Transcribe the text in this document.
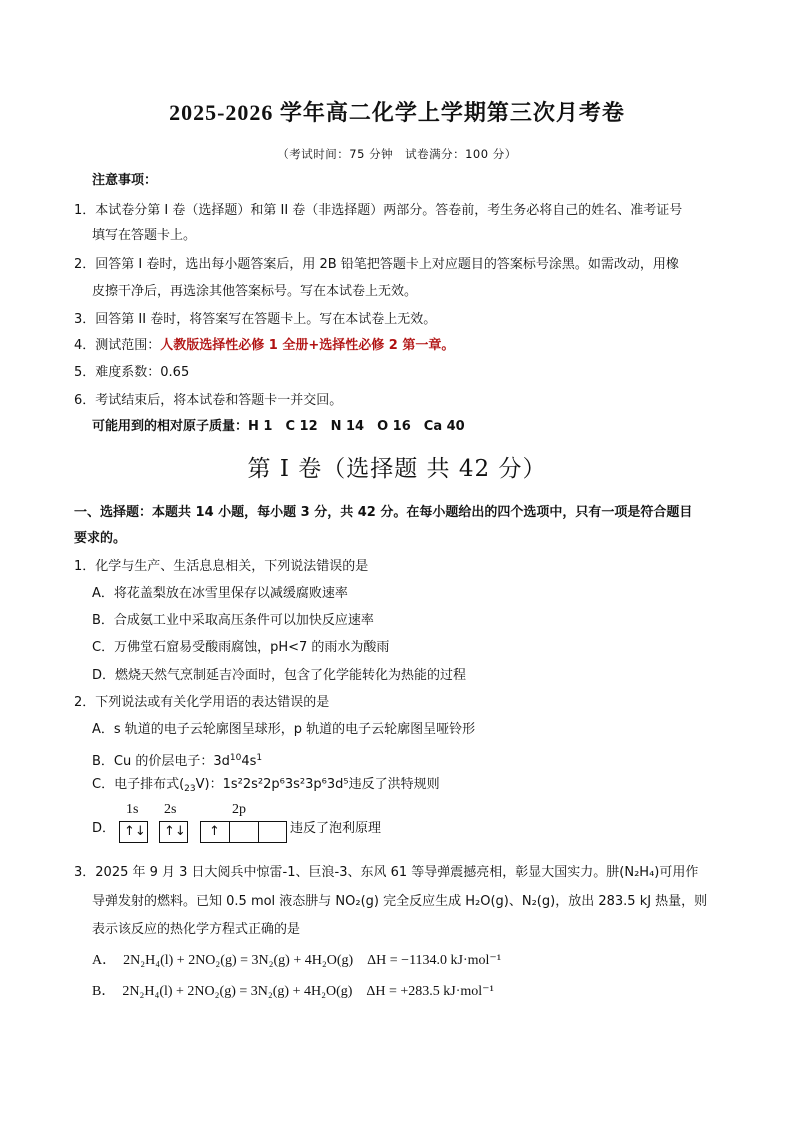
2025-2026 学年高二化学上学期第三次月考卷
（考试时间：75 分钟　试卷满分：100 分）
注意事项：
1．本试卷分第 I 卷（选择题）和第 II 卷（非选择题）两部分。答卷前，考生务必将自己的姓名、准考证号
填写在答题卡上。
2．回答第 I 卷时，选出每小题答案后，用 2B 铅笔把答题卡上对应题目的答案标号涂黑。如需改动，用橡
皮擦干净后，再选涂其他答案标号。写在本试卷上无效。
3．回答第 II 卷时，将答案写在答题卡上。写在本试卷上无效。
4．测试范围：人教版选择性必修 1 全册+选择性必修 2 第一章。
5．难度系数：0.65
6．考试结束后，将本试卷和答题卡一并交回。
可能用到的相对原子质量：H 1　C 12　N 14　O 16　Ca 40
第 I 卷（选择题 共 42 分）
一、选择题：本题共 14 小题，每小题 3 分，共 42 分。在每小题给出的四个选项中，只有一项是符合题目
要求的。
1．化学与生产、生活息息相关，下列说法错误的是
A．将花盖梨放在冰雪里保存以减缓腐败速率
B．合成氨工业中采取高压条件可以加快反应速率
C．万佛堂石窟易受酸雨腐蚀，pH<7 的雨水为酸雨
D．燃烧天然气烹制延吉冷面时，包含了化学能转化为热能的过程
2．下列说法或有关化学用语的表达错误的是
A．s 轨道的电子云轮廓图呈球形，p 轨道的电子云轮廓图呈哑铃形
B．Cu 的价层电子：$3d^{10}4s^1$
C．电子排布式$(_{23}V)$：1s²2s²2p⁶3s²3p⁶3d⁵违反了洪特规则
D．
1s 2s	2p
↑↓ ↑↓	↑	违反了泡利原理
3．2025 年 9 月 3 日大阅兵中惊雷-1、巨浪-3、东风 61 等导弹震撼亮相，彰显大国实力。肼(N₂H₄)可用作
导弹发射的燃料。已知 0.5 mol 液态肼与 NO₂(g) 完全反应生成 H₂O(g)、N₂(g)，放出 283.5 kJ 热量，则
表示该反应的热化学方程式正确的是
A．　2N₂H₄(l) + 2NO₂(g) = 3N₂(g) + 4H₂O(g)　ΔH = −1134.0 kJ·mol⁻¹
B．　2N₂H₄(l) + 2NO₂(g) = 3N₂(g) + 4H₂O(g)　ΔH = +283.5 kJ·mol⁻¹
